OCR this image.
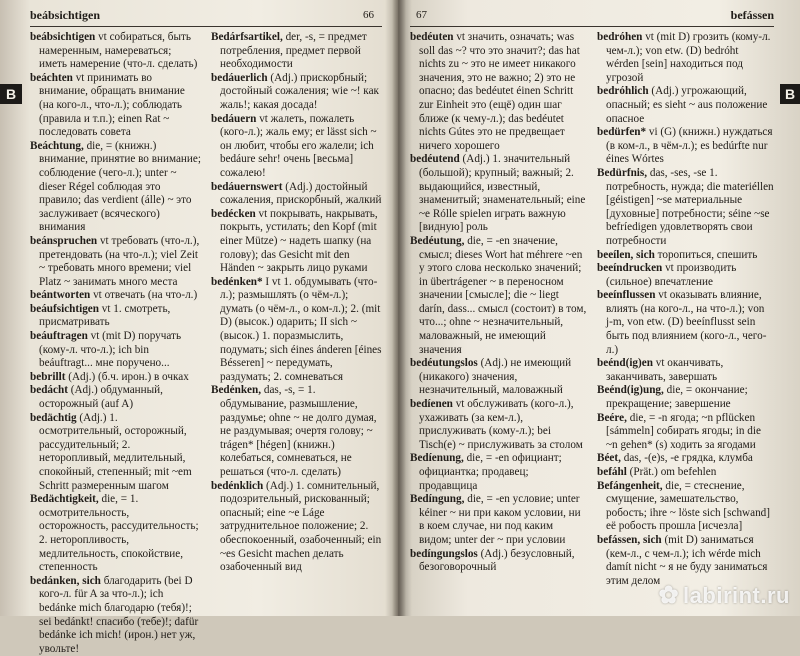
beábsichtigen	66

beábsichtigen vt собираться, быть намеренным, намереваться; иметь намерение (что-л. сделать)

beáchten vt принимать во внимание, обращать внимание (на кого-л., что-л.); соблюдать (правила и т.п.); einen Rat ~ последовать совета

Beáchtung, die, = (книжн.) внимание, принятие во внимание; соблюдение (чего-л.); unter ~ dieser Régel соблюдая это правило; das verdient (álle) ~ это заслуживает (всяческого) внимания

beánspruchen vt требовать (что-л.), претендовать (на что-л.); viel Zeit ~ требовать много времени; viel Platz ~ занимать много места

beántworten vt отвечать (на что-л.)

beáufsichtigen vt 1. смотреть, присматривать

beáuftragen vt (mit D) поручать (кому-л. что-л.); ich bin beáuftragt... мне поручено...

bebrillt (Adj.) (б.ч. ирон.) в очках

bedácht (Adj.) обдуманный, осторожный (auf A)

bedächtig (Adj.) 1. осмотрительный, осторожный, рассудительный; 2. неторопливый, медлительный, спокойный, степенный; mit ~em Schritt размеренным шагом

Bedächtigkeit, die, = 1. осмотрительность, осторожность, рассудительность; 2. неторопливость, медлительность, спокойствие, степенность

bedánken, sich благодарить (bei D кого-л. für A за что-л.); ich bedánke mich благодарю (тебя)!; sei bedánkt! спасибо (тебе)!; dafür bedánke ich mich! (ирон.) нет уж, увольте!

Bedárfsartikel, der, -s, = предмет потребления, предмет первой необходимости

bedáuerlich (Adj.) прискорбный; достойный сожаления; wie ~! как жаль!; какая досада!

bedáuern vt жалеть, пожалеть (кого-л.); жаль ему; er lässt sich ~ он любит, чтобы его жалели; ich bedáure sehr! очень [весьма] сожалею!

bedáuernswert (Adj.) достойный сожаления, прискорбный, жалкий

bedécken vt покрывать, накрывать, покрыть, устилать; den Kopf (mit einer Mütze) ~ надеть шапку (на голову); das Gesicht mit den Händen ~ закрыть лицо руками

bedénken* I vt 1. обдумывать (что-л.); размышлять (о чём-л.); думать (о чём-л., о ком-л.); 2. (mit D) (высок.) одарить; II sich ~ (высок.) 1. поразмыслить, подумать; sich éines ánderen [éines Bésseren] ~ передумать, раздумать; 2. сомневаться

Bedénken, das, -s, = 1. обдумывание, размышление, раздумье; ohne ~ не долго думая, не раздумывая; очертя голову; ~ trágen* [hégen] (книжн.) колебаться, сомневаться, не решаться (что-л. сделать)

bedénklich (Adj.) 1. сомнительный, подозрительный, рискованный; опасный; eine ~e Láge затруднительное положение; 2. обеспокоенный, озабоченный; ein ~es Gesicht machen делать озабоченный вид

67	befássen

bedéuten vt значить, означать; was soll das ~? что это значит?; das hat nichts zu ~ это не имеет никакого значения, это не важно; 2) это не опасно; das bedéutet éinen Schritt zur Einheit это (ещё) один шаг ближе (к чему-л.); das bedéutet nichts Gútes это не предвещает ничего хорошего

bedéutend (Adj.) 1. значительный (большой); крупный; важный; 2. выдающийся, известный, знаменитый; знаменательный; eine ~e Rólle spielen играть важную [видную] роль

Bedéutung, die, = -en значение, смысл; dieses Wort hat méhrere ~en у этого слова несколько значений; in übertrágener ~ в переносном значении [смысле]; die ~ liegt darín, dass... смысл (состоит) в том, что...; ohne ~ незначительный, маловажный, не имеющий значения

bedéutungslos (Adj.) не имеющий (никакого) значения, незначительный, маловажный

bedíenen vt обслуживать (кого-л.), ухаживать (за кем-л.), прислуживать (кому-л.); bei Tisch(e) ~ прислуживать за столом

Bedíenung, die, = -en официант; официантка; продавец; продавщица

Bedíngung, die, = -en условие; unter kéiner ~ ни при каком условии, ни в коем случае, ни под каким видом; unter der ~ при условии

bedíngungslos (Adj.) безусловный, безоговорочный

bedróhen vt (mit D) грозить (кому-л. чем-л.); von etw. (D) bedróht wérden [sein] находиться под угрозой

bedróhlich (Adj.) угрожающий, опасный; es sieht ~ aus положение опасное

bedürfen* vi (G) (книжн.) нуждаться (в ком-л., в чём-л.); es bedúrfte nur éines Wórtes

Bedürfnis, das, -ses, -se 1. потребность, нужда; die materiéllen [géistigen] ~se материальные [духовные] потребности; séine ~se befríedigen удовлетворять свои потребности

beeílen, sich торопиться, спешить

beeíndrucken vt производить (сильное) впечатление

beeínflussen vt оказывать влияние, влиять (на кого-л., на что-л.); von j-m, von etw. (D) beeínflusst sein быть под влиянием (кого-л., чего-л.)

beénd(ig)en vt оканчивать, заканчивать, завершать

Beénd(ig)ung, die, = окончание; прекращение; завершение

Beére, die, = -n ягода; ~n pflücken [sámmeln] собирать ягоды; in die ~n gehen* (s) ходить за ягодами

Béet, das, -(e)s, -e грядка, клумба

befáhl (Prät.) om befehlen

Befángenheit, die, = стеснение, смущение, замешательство, робость; ihre ~ löste sich [schwand] её робость прошла [исчезла]

befássen, sich (mit D) заниматься (кем-л., с чем-л.); ich wérde mich damít nicht ~ я не буду заниматься этим делом

B	B
✿ labirint.ru
